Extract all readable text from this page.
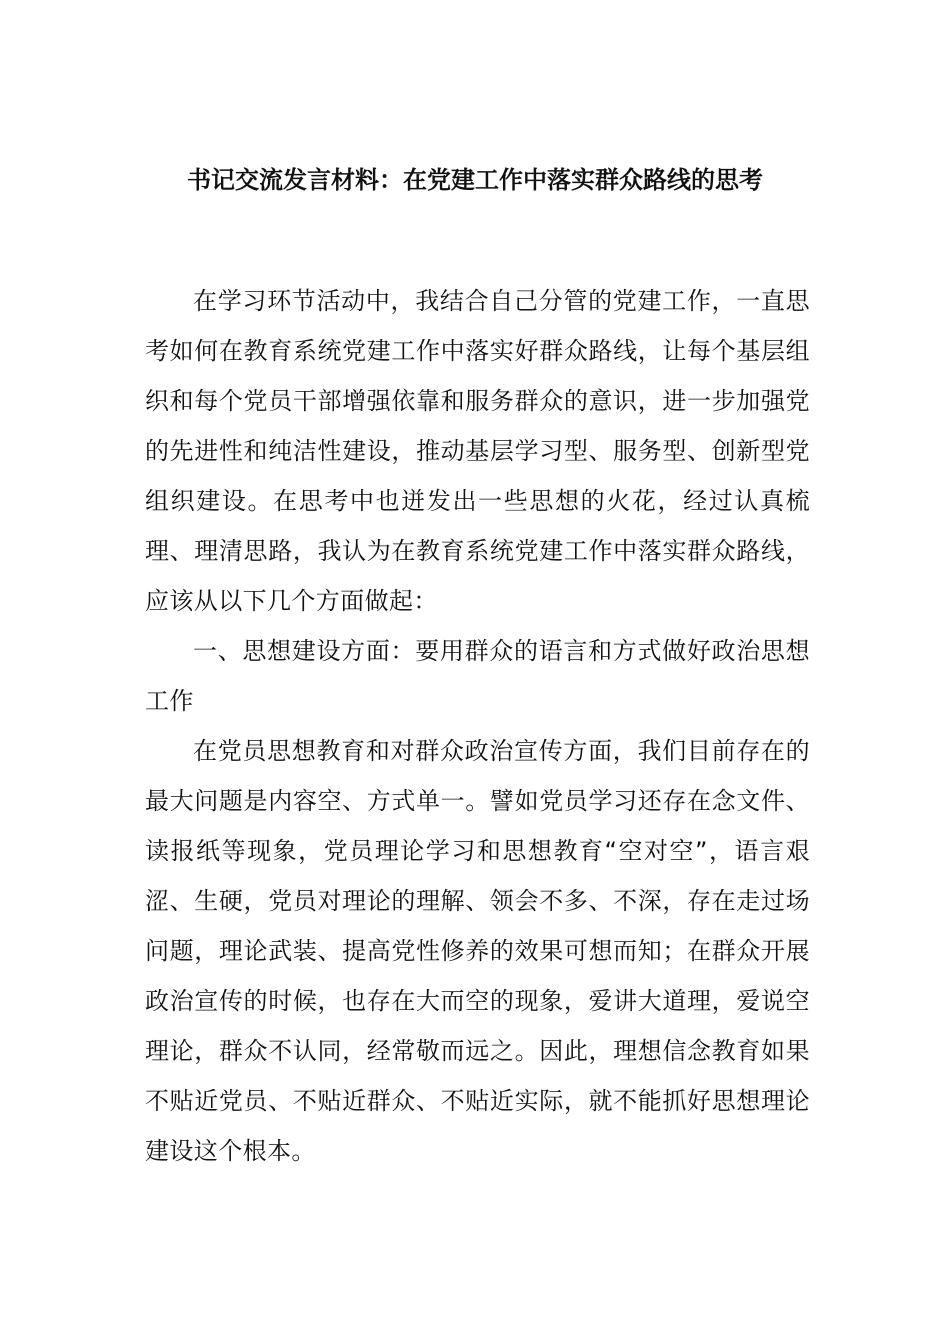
书记交流发言材料：在党建工作中落实群众路线的思考

在学习环节活动中，我结合自己分管的党建工作，一直思考如何在教育系统党建工作中落实好群众路线，让每个基层组织和每个党员干部增强依靠和服务群众的意识，进一步加强党的先进性和纯洁性建设，推动基层学习型、服务型、创新型党组织建设。在思考中也迸发出一些思想的火花，经过认真梳理、理清思路，我认为在教育系统党建工作中落实群众路线，应该从以下几个方面做起：

一、思想建设方面：要用群众的语言和方式做好政治思想工作

在党员思想教育和对群众政治宣传方面，我们目前存在的最大问题是内容空、方式单一。譬如党员学习还存在念文件、读报纸等现象，党员理论学习和思想教育“空对空”，语言艰涩、生硬，党员对理论的理解、领会不多、不深，存在走过场问题，理论武装、提高党性修养的效果可想而知；在群众开展政治宣传的时候，也存在大而空的现象，爱讲大道理，爱说空理论，群众不认同，经常敬而远之。因此，理想信念教育如果不贴近党员、不贴近群众、不贴近实际，就不能抓好思想理论建设这个根本。
